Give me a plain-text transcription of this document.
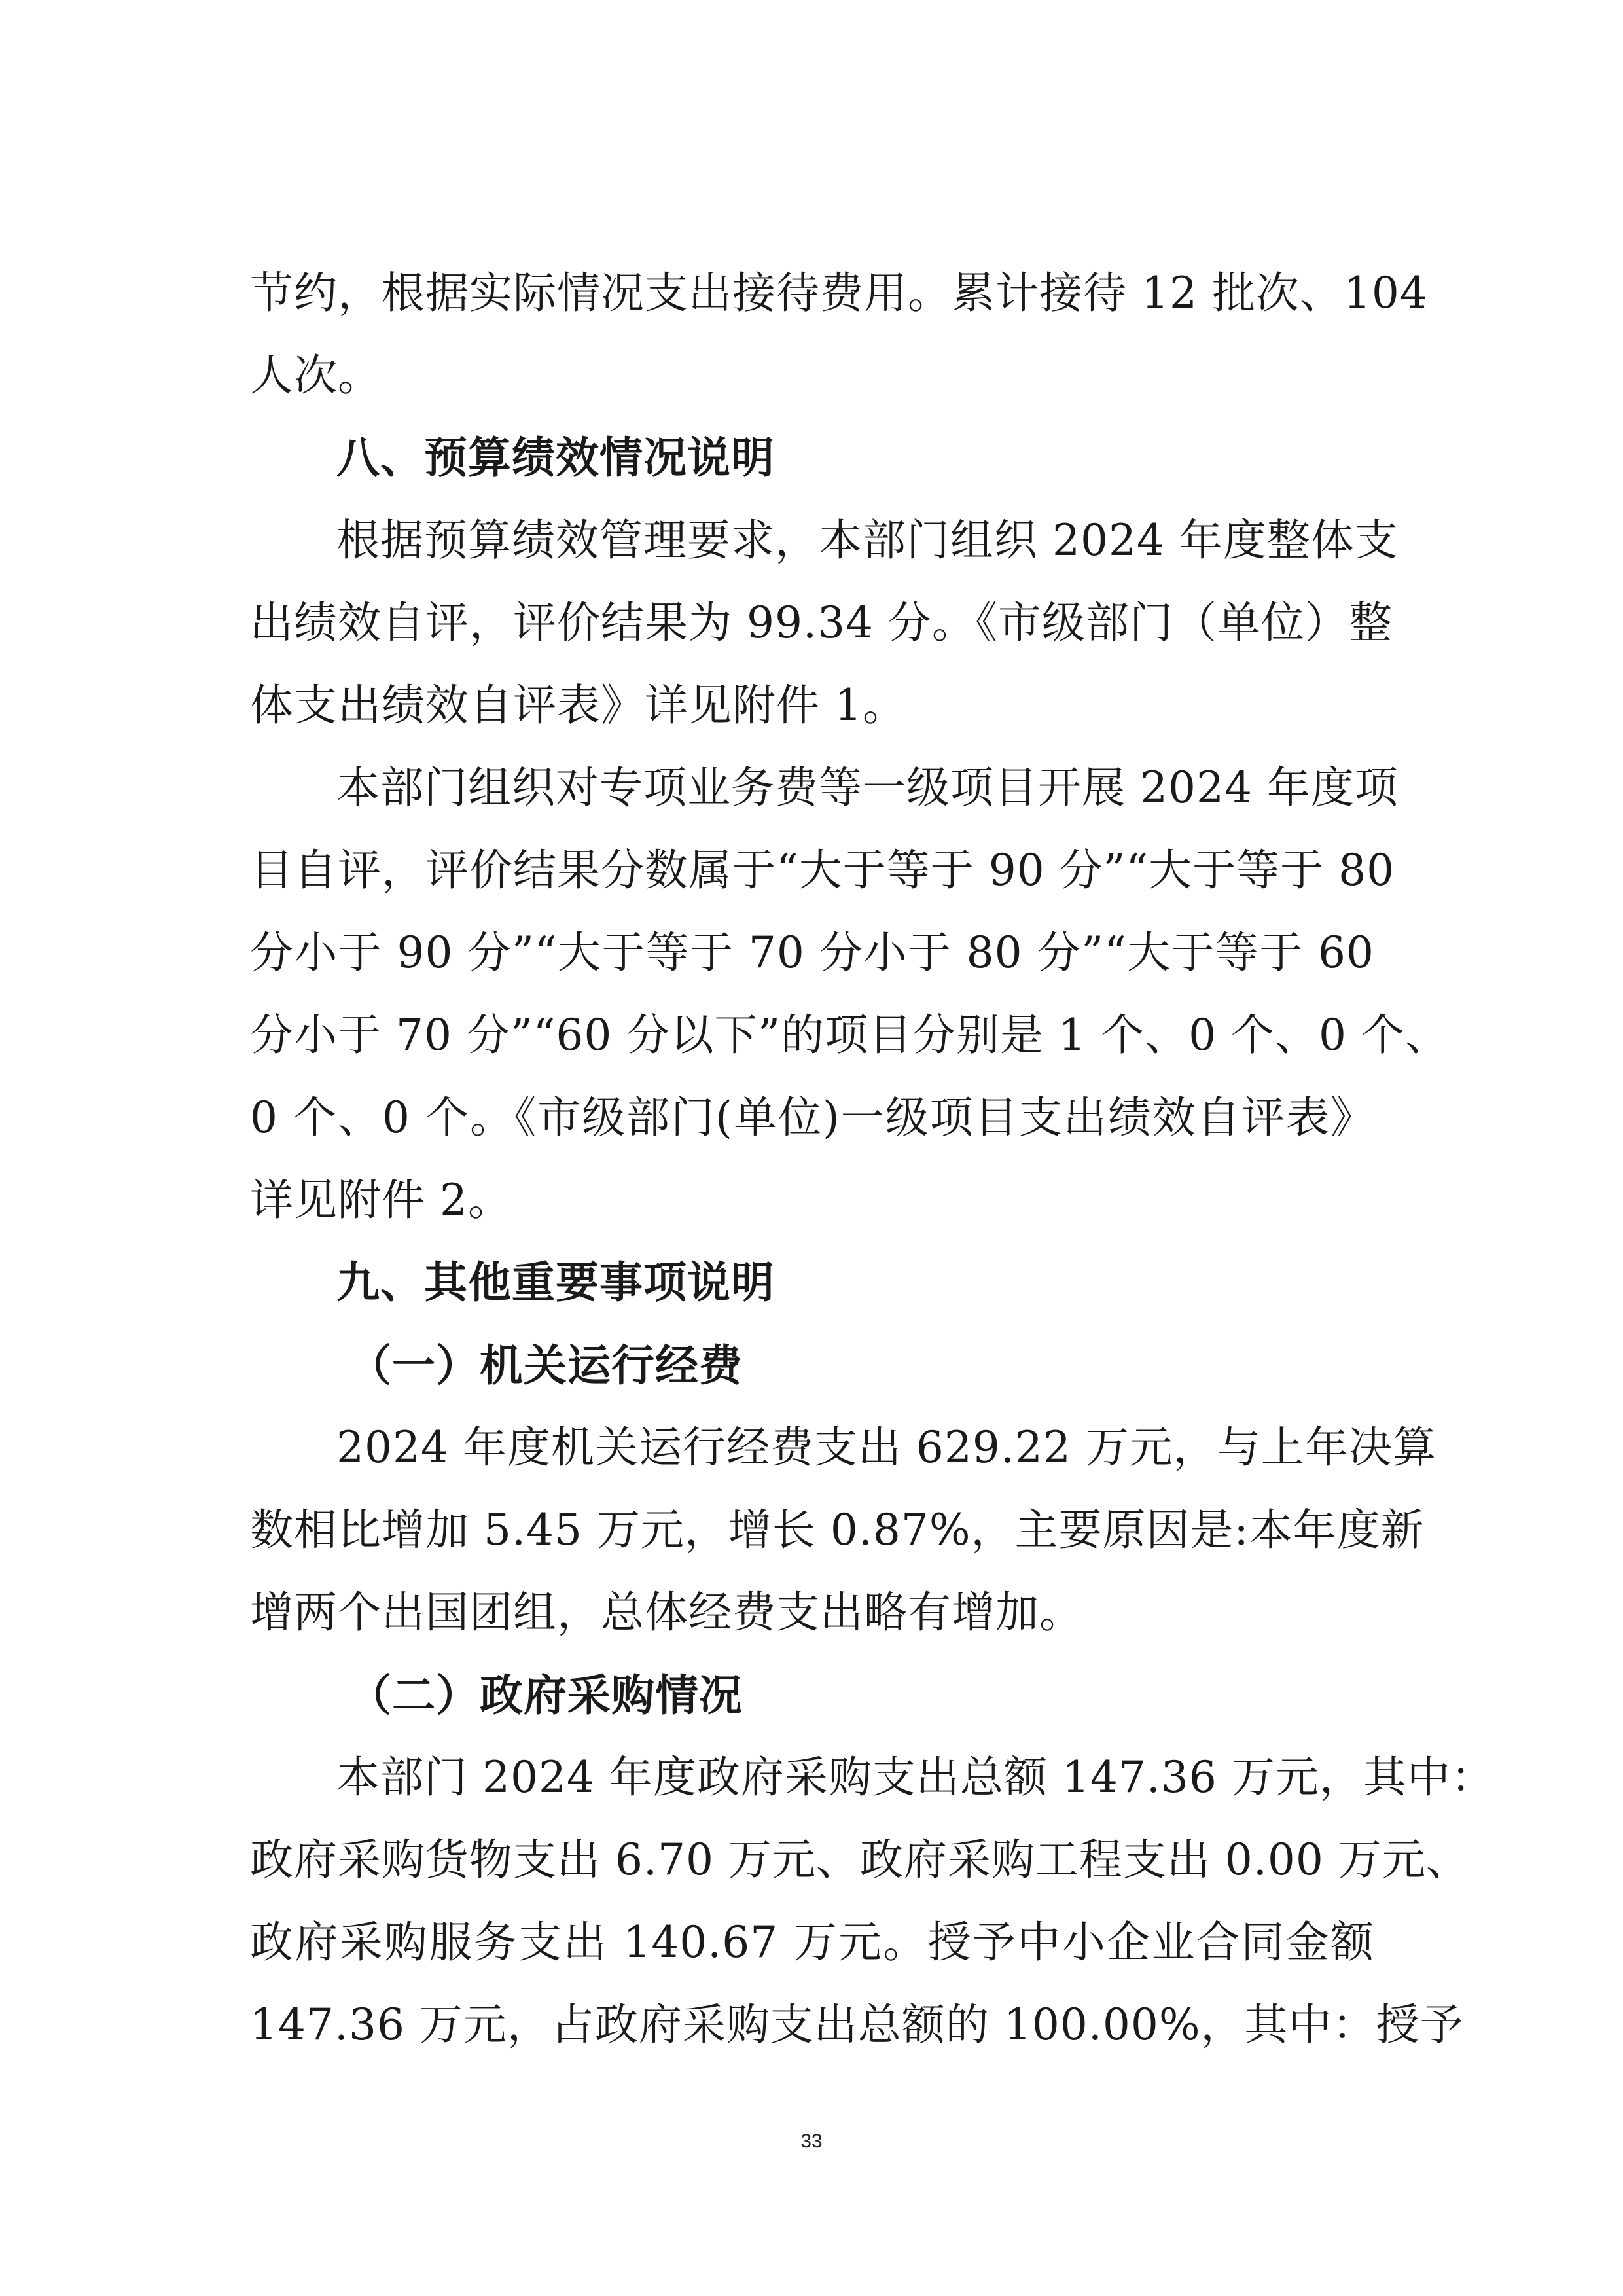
节约，根据实际情况支出接待费用。累计接待 12 批次、104
人次。
八、预算绩效情况说明
根据预算绩效管理要求，本部门组织 2024 年度整体支
出绩效自评，评价结果为 99.34 分。《市级部门（单位）整
体支出绩效自评表》详见附件 1。
本部门组织对专项业务费等一级项目开展 2024 年度项
目自评，评价结果分数属于“大于等于 90 分”“大于等于 80
分小于 90 分”“大于等于 70 分小于 80 分”“大于等于 60
分小于 70 分”“60 分以下”的项目分别是 1 个、0 个、0 个、
0 个、0 个。《市级部门(单位)一级项目支出绩效自评表》
详见附件 2。
九、其他重要事项说明
（一）机关运行经费
2024 年度机关运行经费支出 629.22 万元，与上年决算
数相比增加 5.45 万元，增长 0.87%，主要原因是:本年度新
增两个出国团组，总体经费支出略有增加。
（二）政府采购情况
本部门 2024 年度政府采购支出总额 147.36 万元，其中：
政府采购货物支出 6.70 万元、政府采购工程支出 0.00 万元、
政府采购服务支出 140.67 万元。授予中小企业合同金额
147.36 万元，占政府采购支出总额的 100.00%，其中：授予
33
